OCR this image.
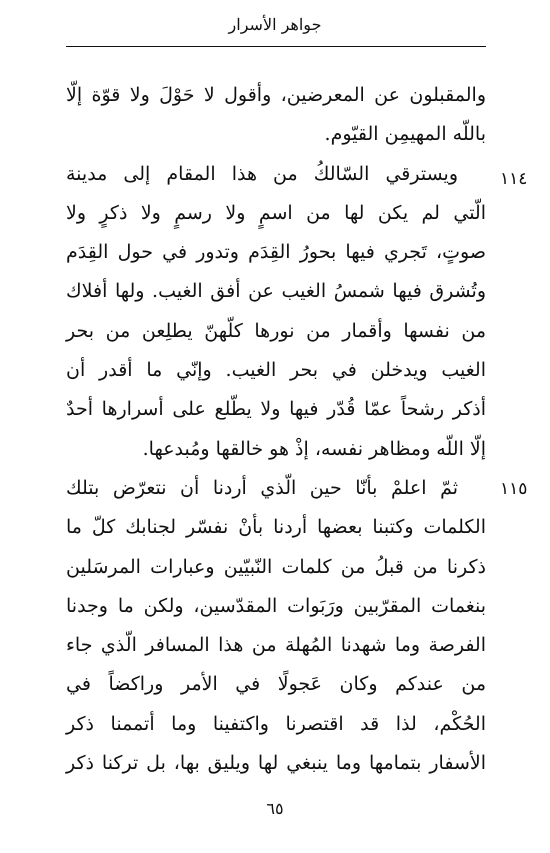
جواهر الأسرار
١١٤
١١٥
والمقبلون عن المعرضين، وأقول لا حَوْلَ ولا قوّة إلّا
باللّه المهيمِن القيّوم.
ويسترقي السّالكُ من هذا المقام إلى مدينة
الّتي لم يكن لها من اسمٍ ولا رسمٍ ولا ذكرٍ ولا
صوتٍ، تَجري فيها بحورُ القِدَم وتدور في حول القِدَم
وتُشرق فيها شمسُ الغيب عن أفق الغيب. ولها أفلاك
من نفسها وأقمار من نورها كلّهنّ يطلِعن من بحر
الغيب ويدخلن في بحر الغيب. وإنّي ما أقدر أن
أذكر رشحاً عمّا قُدّر فيها ولا يطّلع على أسرارها أحدٌ
إلّا اللّه ومظاهر نفسه، إذْ هو خالقها ومُبدعها.
ثمّ اعلمْ بأنّا حين الّذي أردنا أن نتعرّض بتلك
الكلمات وكتبنا بعضها أردنا بأنْ نفسّر لجنابك كلّ ما
ذكرنا من قبلُ من كلمات النّبيّين وعبارات المرسَلين
بنغمات المقرّبين ورَبَوات المقدّسين، ولكن ما وجدنا
الفرصة وما شهدنا المُهلة من هذا المسافر الّذي جاء
من عندكم وكان عَجولًا في الأمر وراكضاً في
الحُكْم، لذا قد اقتصرنا واكتفينا وما أتممنا ذكر
الأسفار بتمامها وما ينبغي لها ويليق بها، بل تركنا ذكر
٦٥
